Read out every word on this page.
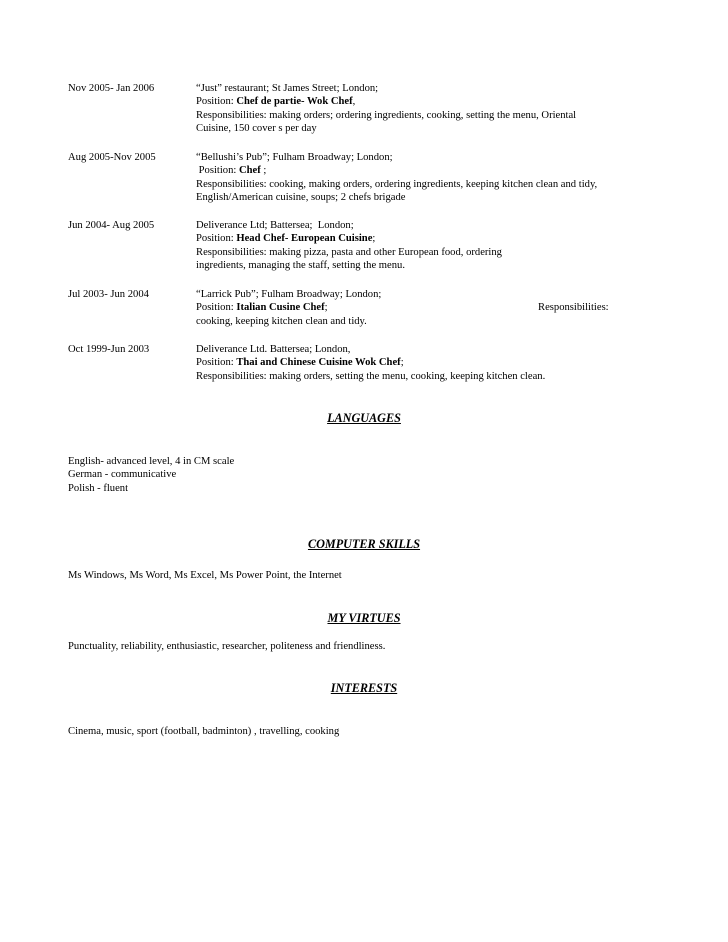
Nov 2005- Jan 2006	“Just” restaurant; St James Street; London;
Position: Chef de partie- Wok Chef,
Responsibilities: making orders; ordering ingredients, cooking, setting the menu, Oriental
Cuisine, 150 cover s per day
Aug 2005-Nov 2005	“Bellushi’s Pub”; Fulham Broadway; London;
Position: Chef ;
Responsibilities: cooking, making orders, ordering ingredients, keeping kitchen clean and tidy,
English/American cuisine, soups; 2 chefs brigade
Jun 2004- Aug 2005	Deliverance Ltd; Battersea;  London;
Position: Head Chef- European Cuisine;
Responsibilities: making pizza, pasta and other European food, ordering
ingredients, managing the staff, setting the menu.
Jul 2003- Jun 2004	“Larrick Pub”; Fulham Broadway; London;
Position: Italian Cusine Chef;	Responsibilities:
cooking, keeping kitchen clean and tidy.
Oct 1999-Jun 2003	Deliverance Ltd. Battersea; London,
Position: Thai and Chinese Cuisine Wok Chef;
Responsibilities: making orders, setting the menu, cooking, keeping kitchen clean.
LANGUAGES
English- advanced level, 4 in CM scale
German - communicative
Polish - fluent
COMPUTER SKILLS
Ms Windows, Ms Word, Ms Excel, Ms Power Point, the Internet
MY VIRTUES
Punctuality, reliability, enthusiastic, researcher, politeness and friendliness.
INTERESTS
Cinema, music, sport (football, badminton) , travelling, cooking
